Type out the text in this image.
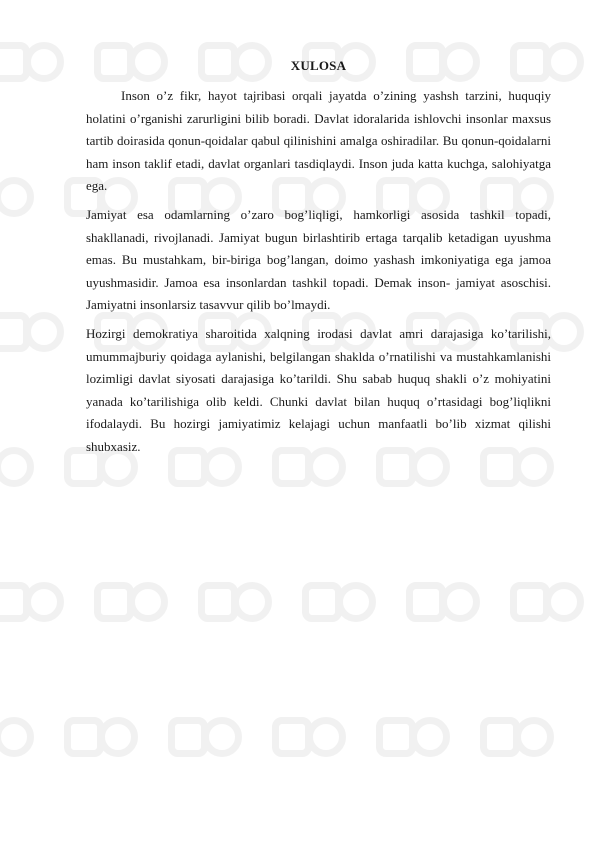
XULOSA

Inson o’z fikr, hayot tajribasi orqali jayatda o’zining yashsh tarzini, huquqiy holatini o’rganishi zarurligini bilib boradi. Davlat idoralarida ishlovchi insonlar maxsus tartib doirasida qonun-qoidalar qabul qilinishini amalga oshiradilar. Bu qonun-qoidalarni ham inson taklif etadi, davlat organlari tasdiqlaydi. Inson juda katta kuchga, salohiyatga ega.

Jamiyat esa odamlarning o’zaro bog’liqligi, hamkorligi asosida tashkil topadi, shakllanadi, rivojlanadi. Jamiyat bugun birlashtirib ertaga tarqalib ketadigan uyushma emas. Bu mustahkam, bir-biriga bog’langan, doimo yashash imkoniyatiga ega jamoa uyushmasidir. Jamoa esa insonlardan tashkil topadi. Demak inson- jamiyat asoschisi. Jamiyatni insonlarsiz tasavvur qilib bo’lmaydi.

Hozirgi demokratiya sharoitida xalqning irodasi davlat amri darajasiga ko’tarilishi, umummajburiy qoidaga aylanishi, belgilangan shaklda o’rnatilishi va mustahkamlanishi lozimligi davlat siyosati darajasiga ko’tarildi. Shu sabab huquq shakli o’z mohiyatini yanada ko’tarilishiga olib keldi. Chunki davlat bilan huquq o’rtasidagi bog’liqlikni ifodalaydi. Bu hozirgi jamiyatimiz kelajagi uchun manfaatli bo’lib xizmat qilishi shubxasiz.
